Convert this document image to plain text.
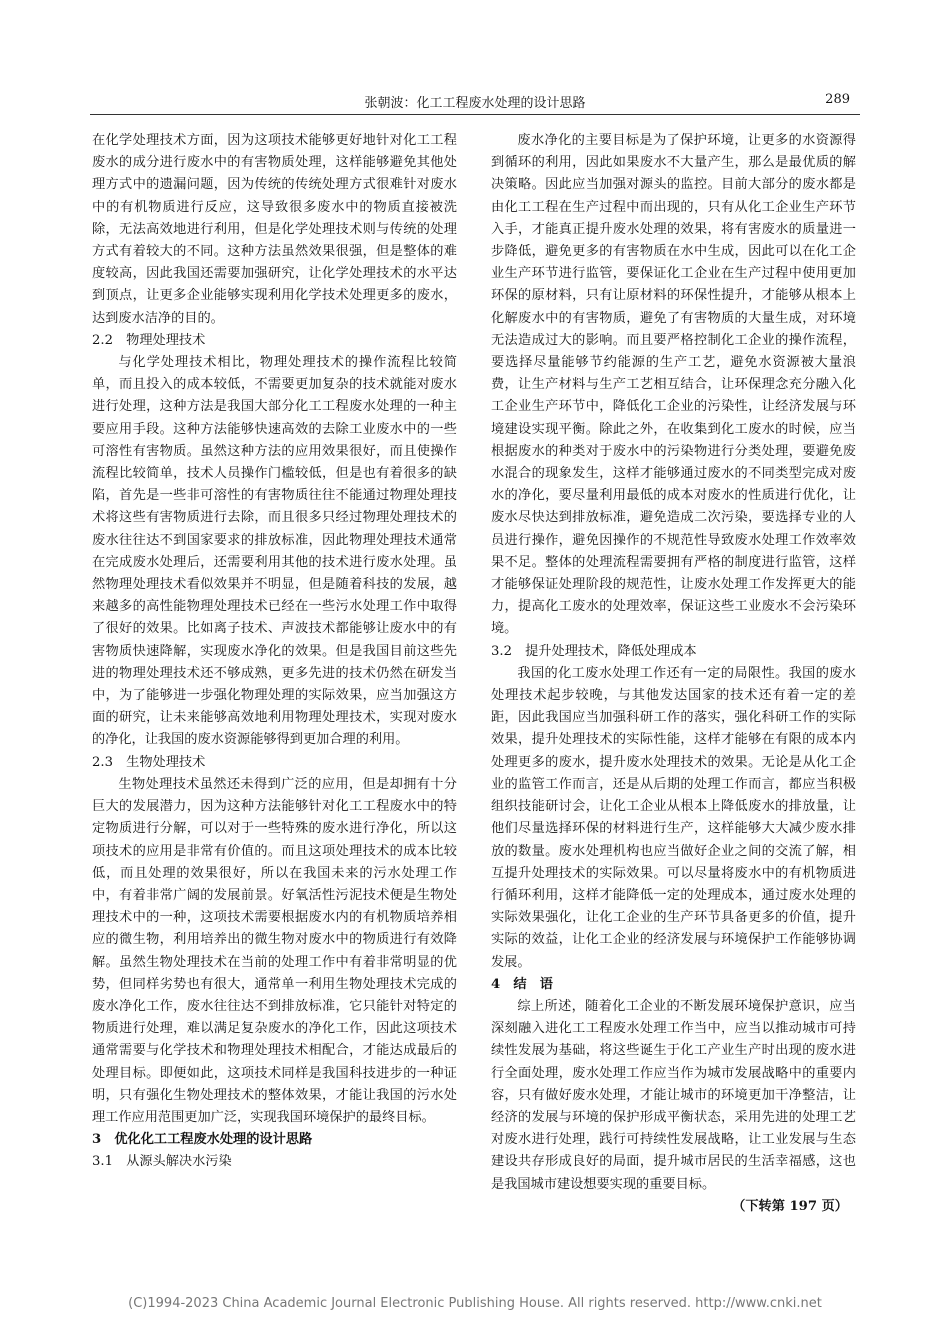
张朝波：化工工程废水处理的设计思路	289

在化学处理技术方面，因为这项技术能够更好地针对化工工程废水的成分进行废水中的有害物质处理，这样能够避免其他处理方式中的遗漏问题，因为传统的传统处理方式很难针对废水中的有机物质进行反应，这导致很多废水中的物质直接被洗除，无法高效地进行利用，但是化学处理技术则与传统的处理方式有着较大的不同。这种方法虽然效果很强，但是整体的难度较高，因此我国还需要加强研究，让化学处理技术的水平达到顶点，让更多企业能够实现利用化学技术处理更多的废水，达到废水洁净的目的。

2.2　物理处理技术

与化学处理技术相比，物理处理技术的操作流程比较简单，而且投入的成本较低，不需要更加复杂的技术就能对废水进行处理，这种方法是我国大部分化工工程废水处理的一种主要应用手段。这种方法能够快速高效的去除工业废水中的一些可溶性有害物质。虽然这种方法的应用效果很好，而且使操作流程比较简单，技术人员操作门槛较低，但是也有着很多的缺陷，首先是一些非可溶性的有害物质往往不能通过物理处理技术将这些有害物质进行去除，而且很多只经过物理处理技术的废水往往达不到国家要求的排放标准，因此物理处理技术通常在完成废水处理后，还需要利用其他的技术进行废水处理。虽然物理处理技术看似效果并不明显，但是随着科技的发展，越来越多的高性能物理处理技术已经在一些污水处理工作中取得了很好的效果。比如离子技术、声波技术都能够让废水中的有害物质快速降解，实现废水净化的效果。但是我国目前这些先进的物理处理技术还不够成熟，更多先进的技术仍然在研发当中，为了能够进一步强化物理处理的实际效果，应当加强这方面的研究，让未来能够高效地利用物理处理技术，实现对废水的净化，让我国的废水资源能够得到更加合理的利用。

2.3　生物处理技术

生物处理技术虽然还未得到广泛的应用，但是却拥有十分巨大的发展潜力，因为这种方法能够针对化工工程废水中的特定物质进行分解，可以对于一些特殊的废水进行净化，所以这项技术的应用是非常有价值的。而且这项处理技术的成本比较低，而且处理的效果很好，所以在我国未来的污水处理工作中，有着非常广阔的发展前景。好氧活性污泥技术便是生物处理技术中的一种，这项技术需要根据废水内的有机物质培养相应的微生物，利用培养出的微生物对废水中的物质进行有效降解。虽然生物处理技术在当前的处理工作中有着非常明显的优势，但同样劣势也有很大，通常单一利用生物处理技术完成的废水净化工作，废水往往达不到排放标准，它只能针对特定的物质进行处理，难以满足复杂废水的净化工作，因此这项技术通常需要与化学技术和物理处理技术相配合，才能达成最后的处理目标。即便如此，这项技术同样是我国科技进步的一种证明，只有强化生物处理技术的整体效果，才能让我国的污水处理工作应用范围更加广泛，实现我国环境保护的最终目标。

3　优化化工工程废水处理的设计思路
3.1　从源头解决水污染

废水净化的主要目标是为了保护环境，让更多的水资源得到循环的利用，因此如果废水不大量产生，那么是最优质的解决策略。因此应当加强对源头的监控。目前大部分的废水都是由化工工程在生产过程中而出现的，只有从化工企业生产环节入手，才能真正提升废水处理的效果，将有害废水的质量进一步降低，避免更多的有害物质在水中生成，因此可以在化工企业生产环节进行监管，要保证化工企业在生产过程中使用更加环保的原材料，只有让原材料的环保性提升，才能够从根本上化解废水中的有害物质，避免了有害物质的大量生成，对环境无法造成过大的影响。而且要严格控制化工企业的操作流程，要选择尽量能够节约能源的生产工艺，避免水资源被大量浪费，让生产材料与生产工艺相互结合，让环保理念充分融入化工企业生产环节中，降低化工企业的污染性，让经济发展与环境建设实现平衡。除此之外，在收集到化工废水的时候，应当根据废水的种类对于废水中的污染物进行分类处理，要避免废水混合的现象发生，这样才能够通过废水的不同类型完成对废水的净化，要尽量利用最低的成本对废水的性质进行优化，让废水尽快达到排放标准，避免造成二次污染，要选择专业的人员进行操作，避免因操作的不规范性导致废水处理工作效率效果不足。整体的处理流程需要拥有严格的制度进行监管，这样才能够保证处理阶段的规范性，让废水处理工作发挥更大的能力，提高化工废水的处理效率，保证这些工业废水不会污染环境。

3.2　提升处理技术，降低处理成本

我国的化工废水处理工作还有一定的局限性。我国的废水处理技术起步较晚，与其他发达国家的技术还有着一定的差距，因此我国应当加强科研工作的落实，强化科研工作的实际效果，提升处理技术的实际性能，这样才能够在有限的成本内处理更多的废水，提升废水处理技术的效果。无论是从化工企业的监管工作而言，还是从后期的处理工作而言，都应当积极组织技能研讨会，让化工企业从根本上降低废水的排放量，让他们尽量选择环保的材料进行生产，这样能够大大减少废水排放的数量。废水处理机构也应当做好企业之间的交流了解，相互提升处理技术的实际效果。可以尽量将废水中的有机物质进行循环利用，这样才能降低一定的处理成本，通过废水处理的实际效果强化，让化工企业的生产环节具备更多的价值，提升实际的效益，让化工企业的经济发展与环境保护工作能够协调发展。

4　结　语

综上所述，随着化工企业的不断发展环境保护意识，应当深刻融入进化工工程废水处理工作当中，应当以推动城市可持续性发展为基础，将这些诞生于化工产业生产时出现的废水进行全面处理，废水处理工作应当作为城市发展战略中的重要内容，只有做好废水处理，才能让城市的环境更加干净整洁，让经济的发展与环境的保护形成平衡状态，采用先进的处理工艺对废水进行处理，践行可持续性发展战略，让工业发展与生态建设共存形成良好的局面，提升城市居民的生活幸福感，这也是我国城市建设想要实现的重要目标。

（下转第 197 页）
(C)1994-2023 China Academic Journal Electronic Publishing House. All rights reserved. http://www.cnki.net
